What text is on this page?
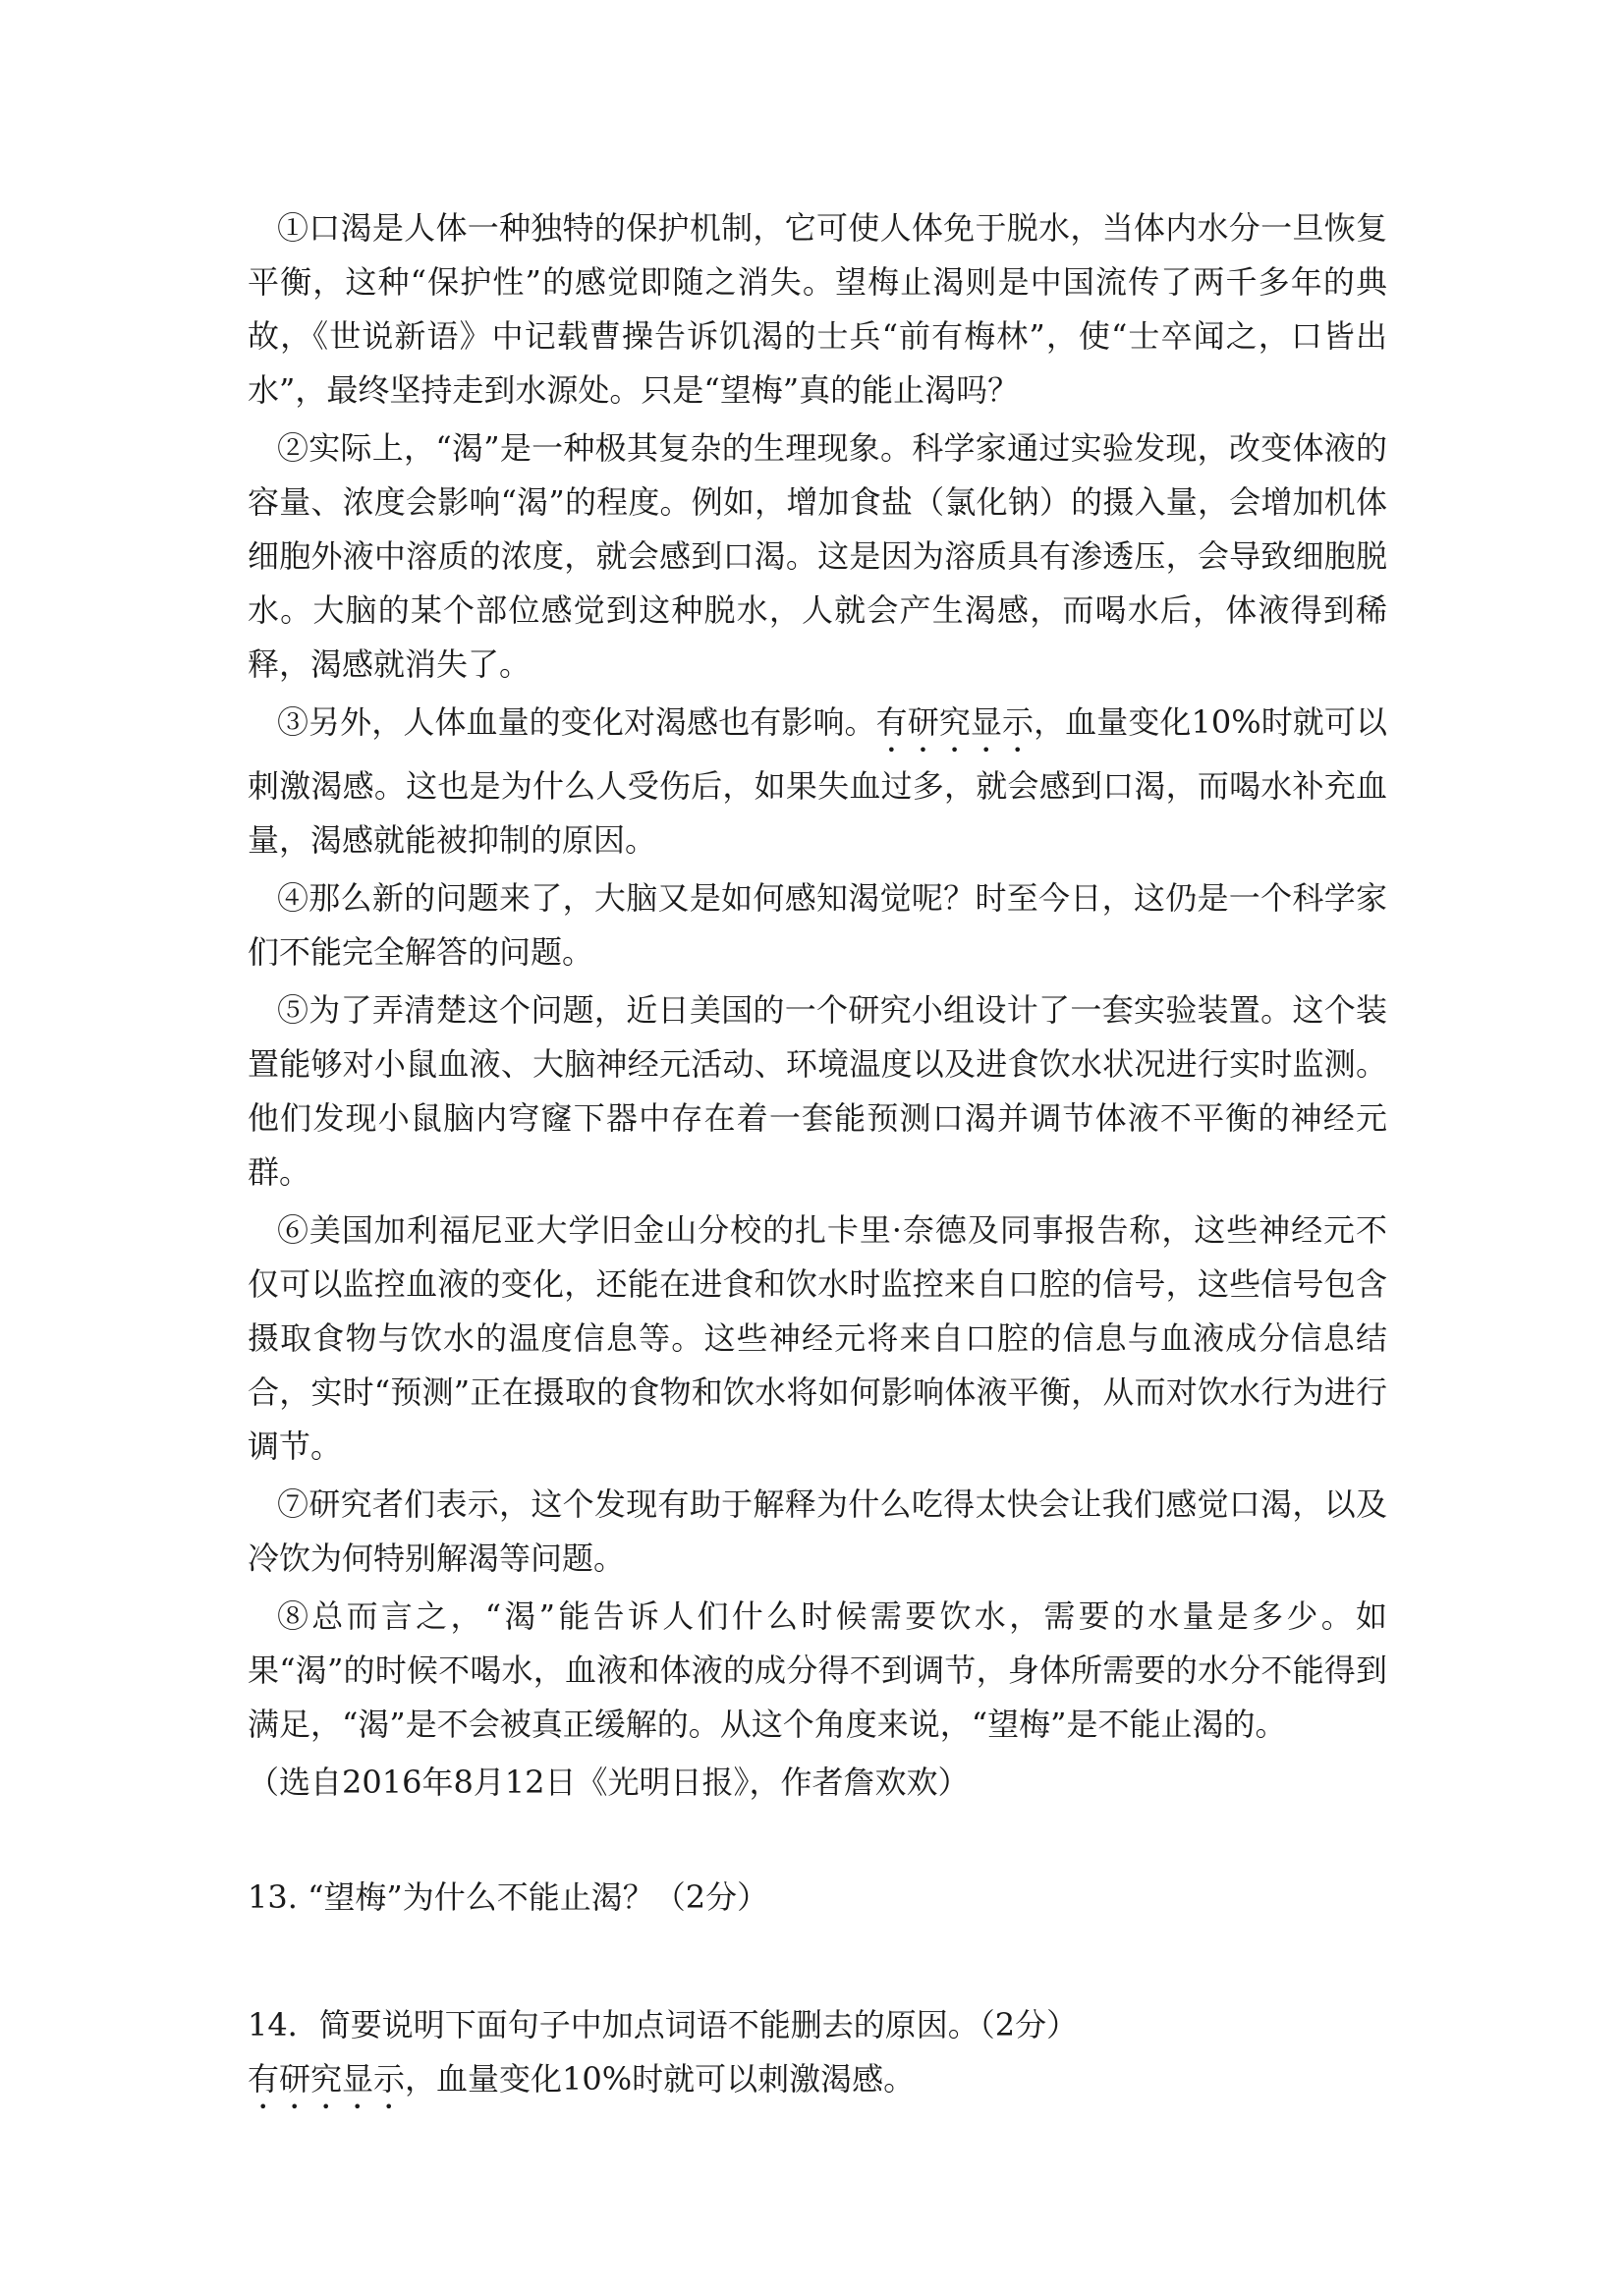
①口渴是人体一种独特的保护机制，它可使人体免于脱水，当体内水分一旦恢复平衡，这种“保护性”的感觉即随之消失。望梅止渴则是中国流传了两千多年的典故，《世说新语》中记载曹操告诉饥渴的士兵“前有梅林”，使“士卒闻之，口皆出水”，最终坚持走到水源处。只是“望梅”真的能止渴吗？

②实际上，“渴”是一种极其复杂的生理现象。科学家通过实验发现，改变体液的容量、浓度会影响“渴”的程度。例如，增加食盐（氯化钠）的摄入量，会增加机体细胞外液中溶质的浓度，就会感到口渴。这是因为溶质具有渗透压，会导致细胞脱水。大脑的某个部位感觉到这种脱水，人就会产生渴感，而喝水后，体液得到稀释，渴感就消失了。

③另外，人体血量的变化对渴感也有影响。有研究显示，血量变化10%时就可以刺激渴感。这也是为什么人受伤后，如果失血过多，就会感到口渴，而喝水补充血量，渴感就能被抑制的原因。

④那么新的问题来了，大脑又是如何感知渴觉呢？时至今日，这仍是一个科学家们不能完全解答的问题。

⑤为了弄清楚这个问题，近日美国的一个研究小组设计了一套实验装置。这个装置能够对小鼠血液、大脑神经元活动、环境温度以及进食饮水状况进行实时监测。他们发现小鼠脑内穹窿下器中存在着一套能预测口渴并调节体液不平衡的神经元群。

⑥美国加利福尼亚大学旧金山分校的扎卡里·奈德及同事报告称，这些神经元不仅可以监控血液的变化，还能在进食和饮水时监控来自口腔的信号，这些信号包含摄取食物与饮水的温度信息等。这些神经元将来自口腔的信息与血液成分信息结合，实时“预测”正在摄取的食物和饮水将如何影响体液平衡，从而对饮水行为进行调节。

⑦研究者们表示，这个发现有助于解释为什么吃得太快会让我们感觉口渴，以及冷饮为何特别解渴等问题。

⑧总而言之，“渴”能告诉人们什么时候需要饮水，需要的水量是多少。如果“渴”的时候不喝水，血液和体液的成分得不到调节，身体所需要的水分不能得到满足，“渴”是不会被真正缓解的。从这个角度来说，“望梅”是不能止渴的。

（选自2016年8月12日《光明日报》，作者詹欢欢）

13. “望梅”为什么不能止渴？（2分）

14．简要说明下面句子中加点词语不能删去的原因。（2分）

有研究显示，血量变化10%时就可以刺激渴感。
